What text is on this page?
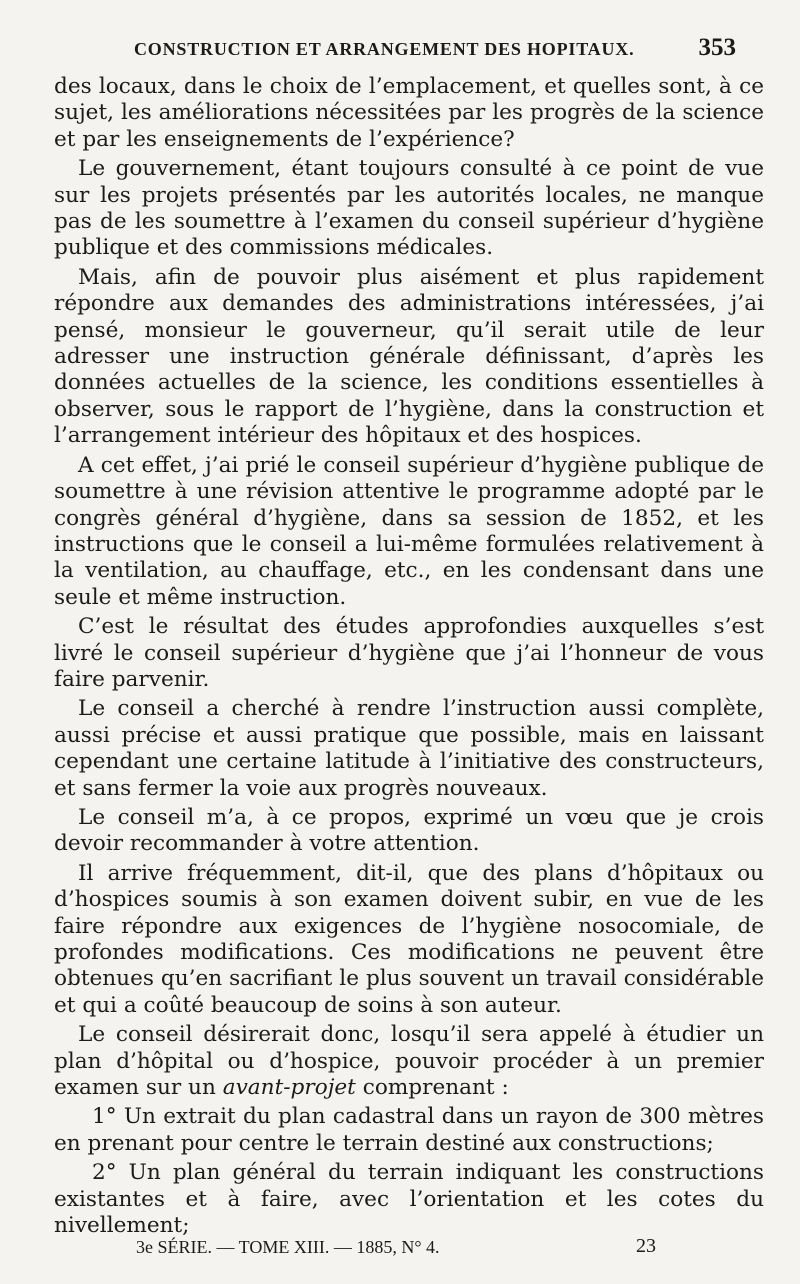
CONSTRUCTION ET ARRANGEMENT DES HOPITAUX.	353

des locaux, dans le choix de l’emplacement, et quelles sont, à ce sujet, les améliorations nécessitées par les progrès de la science et par les enseignements de l’expérience?

Le gouvernement, étant toujours consulté à ce point de vue sur les projets présentés par les autorités locales, ne manque pas de les soumettre à l’examen du conseil supérieur d’hygiène publique et des commissions médicales.

Mais, afin de pouvoir plus aisément et plus rapidement répondre aux demandes des administrations intéressées, j’ai pensé, monsieur le gouverneur, qu’il serait utile de leur adresser une instruction générale définissant, d’après les données actuelles de la science, les conditions essentielles à observer, sous le rapport de l’hygiène, dans la construction et l’arrangement intérieur des hôpitaux et des hospices.

A cet effet, j’ai prié le conseil supérieur d’hygiène publique de soumettre à une révision attentive le programme adopté par le congrès général d’hygiène, dans sa session de 1852, et les instructions que le conseil a lui-même formulées relativement à la ventilation, au chauffage, etc., en les condensant dans une seule et même instruction.

C’est le résultat des études approfondies auxquelles s’est livré le conseil supérieur d’hygiène que j’ai l’honneur de vous faire parvenir.

Le conseil a cherché à rendre l’instruction aussi complète, aussi précise et aussi pratique que possible, mais en laissant cependant une certaine latitude à l’initiative des constructeurs, et sans fermer la voie aux progrès nouveaux.

Le conseil m’a, à ce propos, exprimé un vœu que je crois devoir recommander à votre attention.

Il arrive fréquemment, dit-il, que des plans d’hôpitaux ou d’hospices soumis à son examen doivent subir, en vue de les faire répondre aux exigences de l’hygiène nosocomiale, de profondes modifications. Ces modifications ne peuvent être obtenues qu’en sacrifiant le plus souvent un travail considérable et qui a coûté beaucoup de soins à son auteur.

Le conseil désirerait donc, losqu’il sera appelé à étudier un plan d’hôpital ou d’hospice, pouvoir procéder à un premier examen sur un avant-projet comprenant :

1° Un extrait du plan cadastral dans un rayon de 300 mètres en prenant pour centre le terrain destiné aux constructions;

2° Un plan général du terrain indiquant les constructions existantes et à faire, avec l’orientation et les cotes du nivellement;

3e SÉRIE. — TOME XIII. — 1885, N° 4.	23
